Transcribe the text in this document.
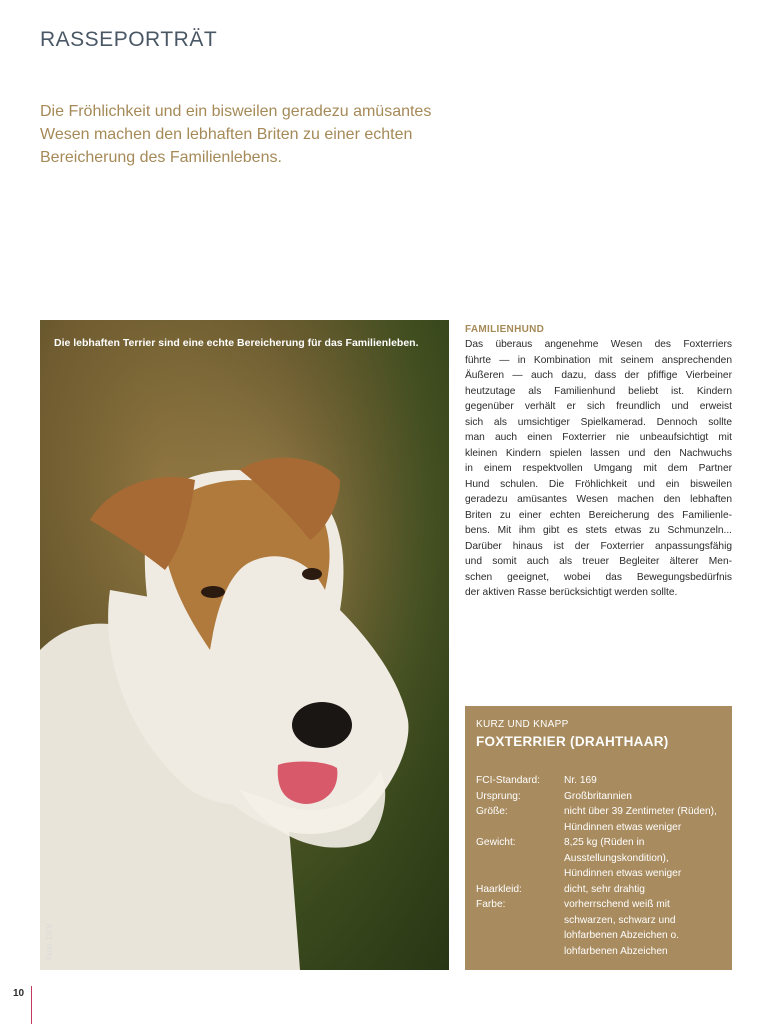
RASSEPORTRÄT
Die Fröhlichkeit und ein bisweilen geradezu amüsantes
Wesen machen den lebhaften Briten zu einer echten
Bereicherung des Familienlebens.
Die lebhaften Terrier sind eine echte Bereicherung für das Familienleben.
Foto: DFV
FAMILIENHUND
Das überaus angenehme Wesen des Foxterriers
führte — in Kombination mit seinem ansprechenden
Äußeren — auch dazu, dass der pfiffige Vierbeiner
heutzutage als Familienhund beliebt ist. Kindern
gegenüber verhält er sich freundlich und erweist
sich als umsichtiger Spielkamerad. Dennoch sollte
man auch einen Foxterrier nie unbeaufsichtigt mit
kleinen Kindern spielen lassen und den Nachwuchs
in einem respektvollen Umgang mit dem Partner
Hund schulen. Die Fröhlichkeit und ein bisweilen
geradezu amüsantes Wesen machen den lebhaften
Briten zu einer echten Bereicherung des Familienle-
bens. Mit ihm gibt es stets etwas zu Schmunzeln...
Darüber hinaus ist der Foxterrier anpassungsfähig
und somit auch als treuer Begleiter älterer Men-
schen geeignet, wobei das Bewegungsbedürfnis
der aktiven Rasse berücksichtigt werden sollte.
KURZ UND KNAPP
FOXTERRIER (DRAHTHAAR)
FCI-Standard:	Nr. 169
Ursprung:	Großbritannien
Größe:	nicht über 39 Zentimeter (Rüden),
Hündinnen etwas weniger
Gewicht:	8,25 kg (Rüden in
Ausstellungskondition),
Hündinnen etwas weniger
Haarkleid:	dicht, sehr drahtig
Farbe:	vorherrschend weiß mit
schwarzen, schwarz und
lohfarbenen Abzeichen o.
lohfarbenen Abzeichen
10
